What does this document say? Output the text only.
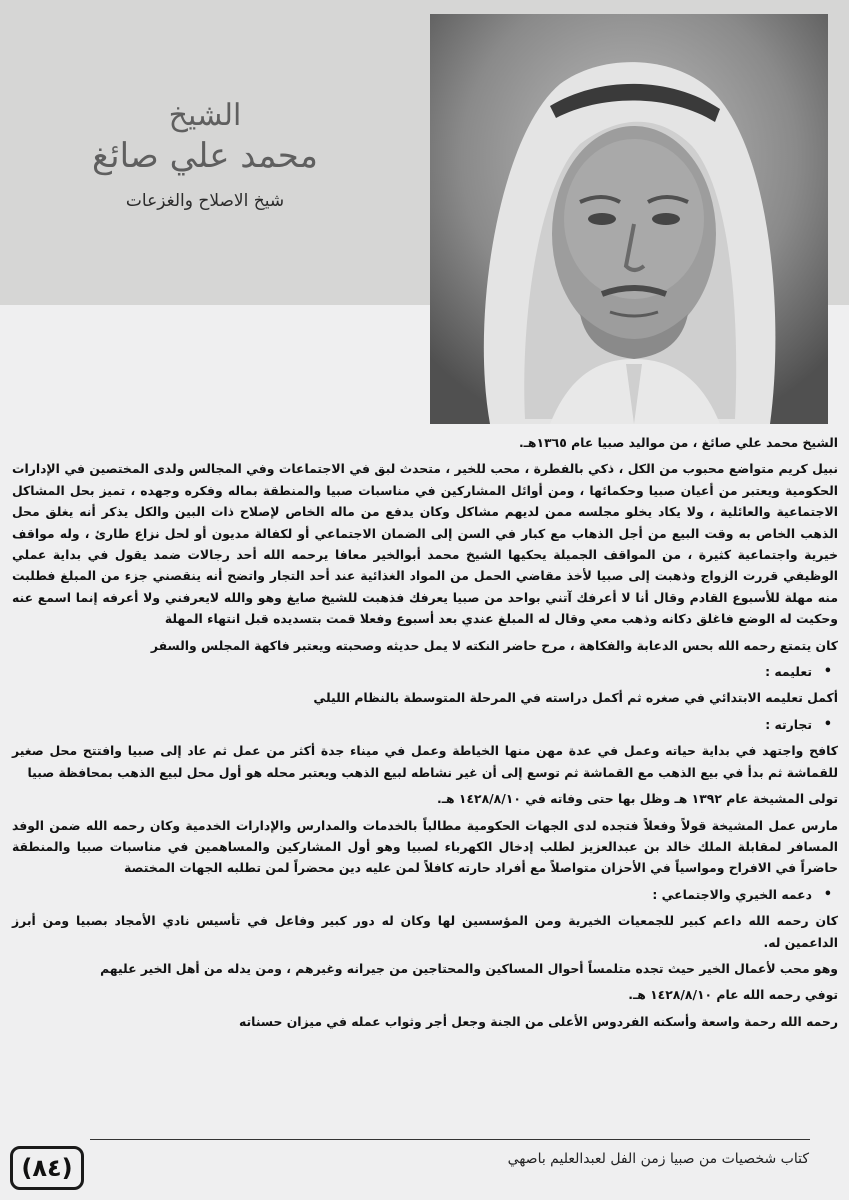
الشيخ
محمد علي صائغ
شيخ الاصلاح والغزعات

الشيخ محمد علي صائغ ، من مواليد صبيا عام ١٣٦٥هـ.

نبيل كريم متواضع محبوب من الكل ، ذكي بالفطرة ، محب للخير ، متحدث لبق في الاجتماعات وفي المجالس ولدى المختصين في الإدارات الحكومية ويعتبر من أعيان صبيا وحكمائها ، ومن أوائل المشاركين في مناسبات صبيا والمنطقة بماله وفكره وجهده ، تميز بحل المشاكل الاجتماعية والعائلية ، ولا يكاد يخلو مجلسه ممن لديهم مشاكل وكان يدفع من ماله الخاص لإصلاح ذات البين والكل يذكر أنه يغلق محل الذهب الخاص به وقت البيع من أجل الذهاب مع كبار في السن إلى الضمان الاجتماعي أو لكفالة مديون أو لحل نزاع طارئ ، وله مواقف خيرية واجتماعية كثيرة ، من المواقف الجميلة يحكيها الشيخ محمد أبوالخير معافا يرحمه الله أحد رجالات ضمد يقول في بداية عملي الوظيفي قررت الزواج وذهبت إلى صبيا لأخذ مقاضي الحمل من المواد الغذائية عند أحد التجار واتضح أنه ينقصني جزء من المبلغ فطلبت منه مهلة للأسبوع القادم وقال أنا لا أعرفك آتني بواحد من صبيا يعرفك فذهبت للشيخ صايغ وهو والله لايعرفني ولا أعرفه إنما اسمع عنه وحكيت له الوضع فاغلق دكانه وذهب معي وقال له المبلغ عندي بعد أسبوع وفعلا قمت بتسديده قبل انتهاء المهلة

كان يتمتع رحمه الله بحس الدعابة والفكاهة ، مرح حاضر النكته لا يمل حديثه وصحبته ويعتبر فاكهة المجلس والسفر

• تعليمه :

أكمل تعليمه الابتدائي في صغره ثم أكمل دراسته في المرحلة المتوسطة بالنظام الليلي

• تجارته :

كافح واجتهد في بداية حياته وعمل في عدة مهن منها الخياطة وعمل في ميناء جدة أكثر من عمل ثم عاد إلى صبيا وافتتح محل صغير للقماشة ثم بدأ في بيع الذهب مع القماشة ثم توسع إلى أن غير نشاطه لبيع الذهب ويعتبر محله هو أول محل لبيع الذهب بمحافظة صبيا

تولى المشيخة عام ١٣٩٢ هـ وظل بها حتى وفاته في ١٤٢٨/٨/١٠ هـ.

مارس عمل المشيخة قولاً وفعلاً فتجده لدى الجهات الحكومية مطالباً بالخدمات والمدارس والإدارات الخدمية وكان رحمه الله ضمن الوفد المسافر لمقابلة الملك خالد بن عبدالعزيز لطلب إدخال الكهرباء لصبيا وهو أول المشاركين والمساهمين في مناسبات صبيا والمنطقة حاضراً في الافراح ومواسياً في الأحزان متواصلاً مع أفراد حارته كافلاً لمن عليه دين محضراً لمن تطلبه الجهات المختصة

• دعمه الخيري والاجتماعي :

كان رحمه الله داعم كبير للجمعيات الخيرية ومن المؤسسين لها وكان له دور كبير وفاعل في تأسيس نادي الأمجاد بصبيا ومن أبرز الداعمين له.

وهو محب لأعمال الخير حيث تجده متلمساً أحوال المساكين والمحتاجين من جيرانه وغيرهم ، ومن يدله من أهل الخير عليهم

توفي رحمه الله عام ١٤٢٨/٨/١٠ هـ.

رحمه الله رحمة واسعة وأسكنه الفردوس الأعلى من الجنة وجعل أجر وثواب عمله في ميزان حسناته

كتاب شخصيات من صبيا زمن الفل لعبدالعليم باصهي
(٨٤)
